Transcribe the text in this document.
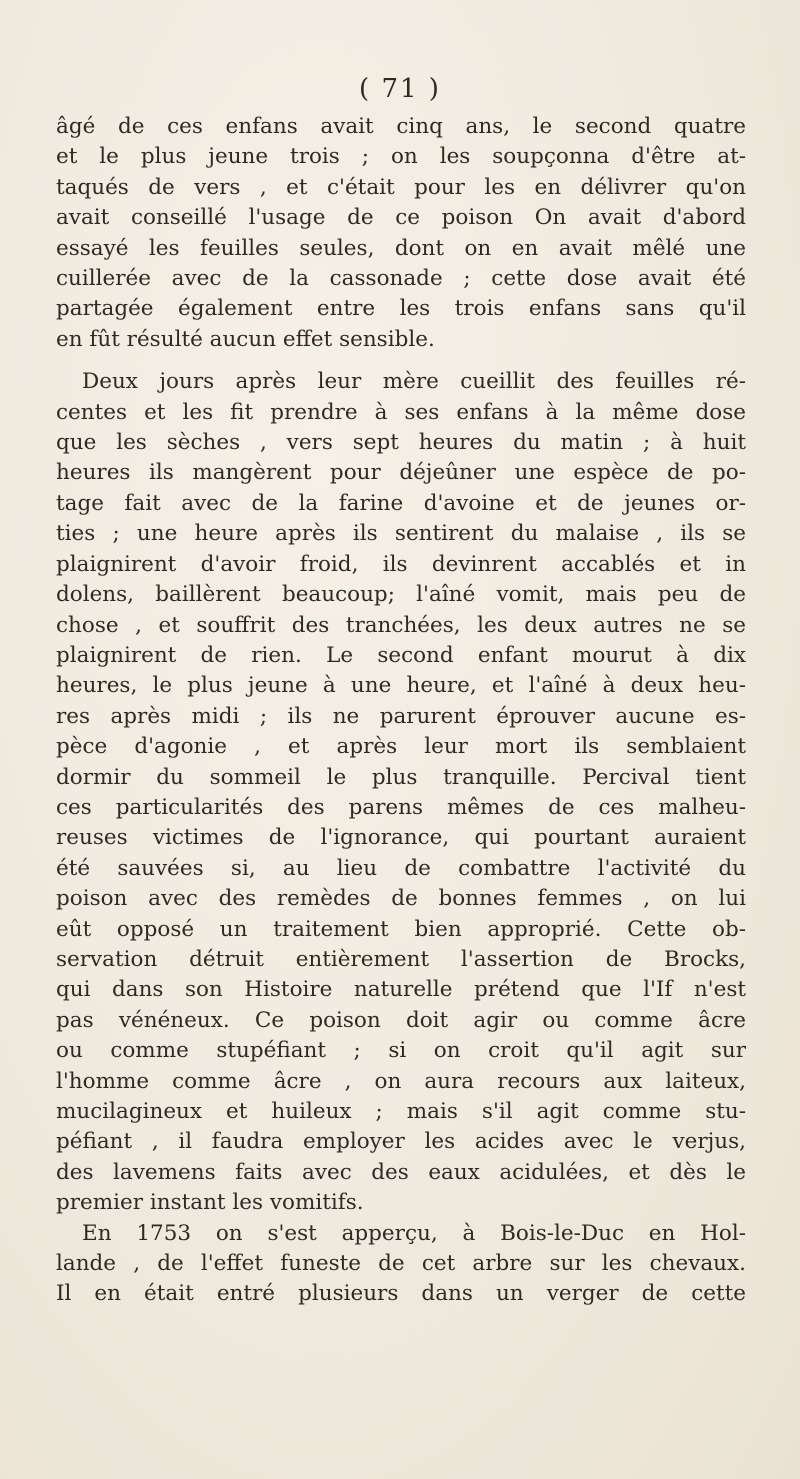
( 71 )
âgé de ces enfans avait cinq ans, le second quatre
et le plus jeune trois ; on les soupçonna d'être at-
taqués de vers , et c'était pour les en délivrer qu'on
avait conseillé l'usage de ce poison On avait d'abord
essayé les feuilles seules, dont on en avait mêlé une
cuillerée avec de la cassonade ; cette dose avait été
partagée également entre les trois enfans sans qu'il
en fût résulté aucun effet sensible.
Deux jours après leur mère cueillit des feuilles ré-
centes et les fit prendre à ses enfans à la même dose
que les sèches , vers sept heures du matin ; à huit
heures ils mangèrent pour déjeûner une espèce de po-
tage fait avec de la farine d'avoine et de jeunes or-
ties ; une heure après ils sentirent du malaise , ils se
plaignirent d'avoir froid, ils devinrent accablés et in
dolens, baillèrent beaucoup; l'aîné vomit, mais peu de
chose , et souffrit des tranchées, les deux autres ne se
plaignirent de rien. Le second enfant mourut à dix
heures, le plus jeune à une heure, et l'aîné à deux heu-
res après midi ; ils ne parurent éprouver aucune es-
pèce d'agonie , et après leur mort ils semblaient
dormir du sommeil le plus tranquille. Percival tient
ces particularités des parens mêmes de ces malheu-
reuses victimes de l'ignorance, qui pourtant auraient
été sauvées si, au lieu de combattre l'activité du
poison avec des remèdes de bonnes femmes , on lui
eût opposé un traitement bien approprié. Cette ob-
servation détruit entièrement l'assertion de Brocks,
qui dans son Histoire naturelle prétend que l'If n'est
pas vénéneux. Ce poison doit agir ou comme âcre
ou comme stupéfiant ; si on croit qu'il agit sur
l'homme comme âcre , on aura recours aux laiteux,
mucilagineux et huileux ; mais s'il agit comme stu-
péfiant , il faudra employer les acides avec le verjus,
des lavemens faits avec des eaux acidulées, et dès le
premier instant les vomitifs.
En 1753 on s'est apperçu, à Bois-le-Duc en Hol-
lande , de l'effet funeste de cet arbre sur les chevaux.
Il en était entré plusieurs dans un verger de cette
